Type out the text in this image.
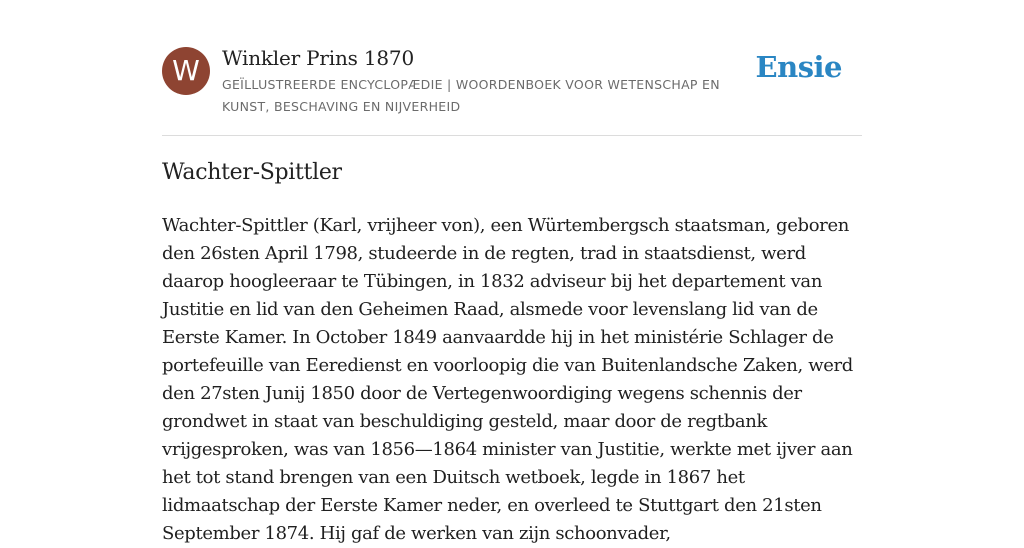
W	Winkler Prins 1870
GEÏLLUSTREERDE ENCYCLOPÆDIE | WOORDENBOEK VOOR WETENSCHAP EN KUNST, BESCHAVING EN NIJVERHEID
Ensie
Wachter-Spittler

Wachter-Spittler (Karl, vrijheer von), een Würtembergsch staatsman, geboren den 26sten April 1798, studeerde in de regten, trad in staatsdienst, werd daarop hoogleeraar te Tübingen, in 1832 adviseur bij het departement van Justitie en lid van den Geheimen Raad, alsmede voor levenslang lid van de Eerste Kamer. In October 1849 aanvaardde hij in het ministérie Schlager de portefeuille van Eeredienst en voorloopig die van Buitenlandsche Zaken, werd den 27sten Junij 1850 door de Vertegenwoordiging wegens schennis der grondwet in staat van beschuldiging gesteld, maar door de regtbank vrijgesproken, was van 1856—1864 minister van Justitie, werkte met ijver aan het tot stand brengen van een Duitsch wetboek, legde in 1867 het lidmaatschap der Eerste Kamer neder, en overleed te Stuttgart den 21sten September 1874. Hij gaf de werken van zijn schoonvader,
